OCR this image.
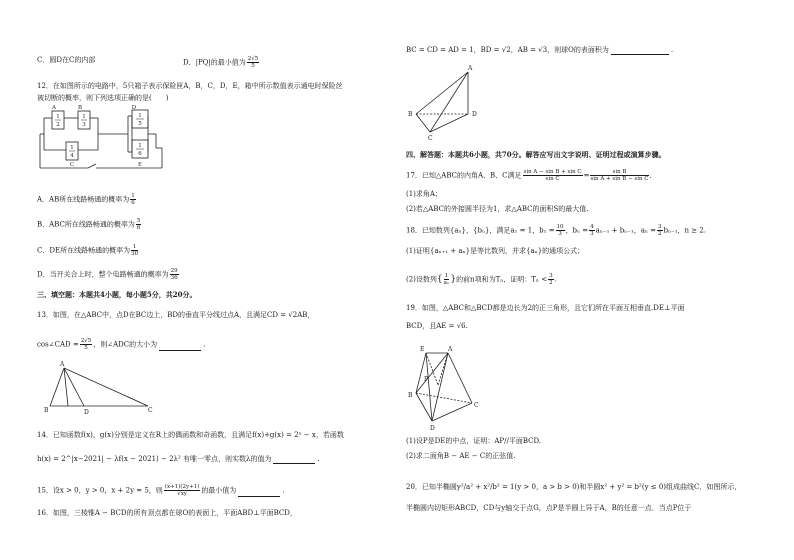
C．圆D在C的内部	D．|PQ|的最小值为 $\frac{2√5}{5}$
12．在如图所示的电路中，5只箱子表示保险匣A，B，C，D，E，箱中所示数值表示通电时保险丝
被切断的概率，则下列选项正确的是(　　)
A	B
C
D
E
1
2
1
3
1
4
1
5
1
6
A．AB所在线路畅通的概率为 $\frac{1}{6}$
B．ABC所在线路畅通的概率为 $\frac{5}{6}$
C．DE所在线路畅通的概率为 $\frac{1}{30}$
D．当开关合上时，整个电路畅通的概率为 $\frac{29}{36}$
三、填空题：本题共4小题，每小题5分，共20分。
13．如图，在△ABC中，点D在BC边上，BD的垂直平分线过点A，且满足CD = √2AB，
cos∠CAD = $\frac{2√5}{5}$ ，则∠ADC的大小为	.
A
B	C
D
14．已知函数f(x)，g(x)分别是定义在R上的偶函数和奇函数，且满足f(x)+g(x) = 2ˣ − x，若函数
h(x) = 2^|x−2021| − λf(x − 2021) − 2λ² 有唯一零点，则实数λ的值为	.
15．设x > 0，y > 0，x + 2y = 5，则 $\frac{(x+1)(2y+1)}{√xy}$ 的最小值为	.
16．如图，三棱锥A − BCD的所有顶点都在球O的表面上，平面ABD⊥平面BCD，
BC = CD = AD = 1，BD = √2，AB = √3，则球O的表面积为	.
A
B
C
D
四、解答题：本题共6小题，共70分。解答应写出文字说明、证明过程或演算步骤。
17．已知△ABC的内角A、B、C满足 $\frac{\text{sin A − sin B + sin C}}{\text{sin C}} = \frac{\text{sin B}}{\text{sin A + sin B − sin C}}$ ．
(1)求角A；
(2)若△ABC的外接圆半径为1，求△ABC的面积S的最大值.
18．已知数列{aₙ}，{bₙ}，满足a₁ = 1，$b_1 = \frac{10}{3}$ ，$b_n = \frac{4}{3} a_{n-1} + b_{n-1}$，$a_n = \frac{3}{2} b_{n-1}$，n ≥ 2.
(1)证明{aₙ₊₁ + aₙ}是等比数列，并求{aₙ}的通项公式；
(2)设数列{ $\frac{1}{\text{aₙ}}$ }的前n项和为Tₙ，证明：$T_n < \frac{3}{2}$ .
19．如图，△ABC和△BCD都是边长为2的正三角形，且它们所在平面互相垂直.DE⊥平面
BCD，且AE = √6.
E	A
B
D
C
P
(1)设P是DE的中点，证明：AP//平面BCD.
(2)求二面角B − AE − C的正弦值.
20．已知半椭圆y²/a² + x²/b² = 1(y > 0，a > b > 0)和半圆x² + y² = b²(y ≤ 0)组成曲线C．如图所示，
半椭圆内切矩形ABCD，CD与y轴交于点G，点P是半圆上异于A，B的任意一点．当点P位于
